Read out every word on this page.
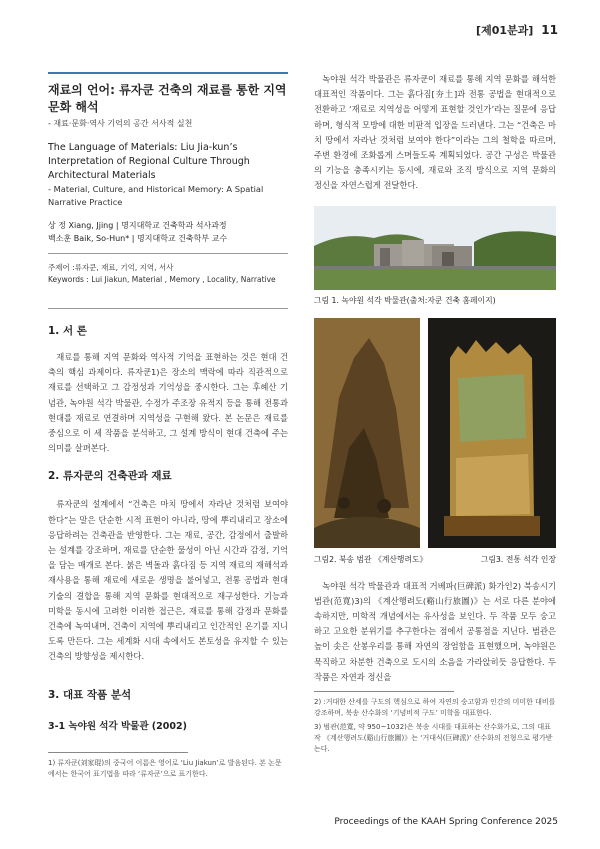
[제01분과] 11
재료의 언어: 류자쿤 건축의 재료를 통한 지역 문화 해석
- 재료·문화·역사 기억의 공간 서사적 실천
The Language of Materials: Liu Jia-kun’s Interpretation of Regional Culture Through Architectural Materials
- Material, Culture, and Historical Memory: A Spatial Narrative Practice
상 정 Xiang, Jjing | 명지대학교 건축학과 석사과정
백소훈 Baik, So-Hun* | 명지대학교 건축학부 교수
주제어 :류자쿤, 재료, 기억, 지역, 서사
Keywords : Lui Jiakun, Material , Memory , Locality, Narrative
1. 서 론

재료를 통해 지역 문화와 역사적 기억을 표현하는 것은 현대 건축의 핵심 과제이다. 류자쿤1)은 장소의 맥락에 따라 직관적으로 재료를 선택하고 그 감정성과 기억성을 중시한다. 그는 후혜산 기념관, 녹야원 석각 박물관, 수정가 주조장 유적지 등을 통해 전통과 현대를 재료로 연결하며 지역성을 구현해 왔다. 본 논문은 재료를 중심으로 이 세 작품을 분석하고, 그 설계 방식이 현대 건축에 주는 의미를 살펴본다.

2. 류자쿤의 건축관과 재료

류자쿤의 설계에서 “건축은 마치 땅에서 자라난 것처럼 보여야 한다”는 말은 단순한 시적 표현이 아니라, 땅에 뿌리내리고 장소에 응답하려는 건축관을 반영한다. 그는 재료, 공간, 감정에서 출발하는 설계를 강조하며, 재료를 단순한 물성이 아닌 시간과 감정, 기억을 담는 매개로 본다. 붉은 벽돌과 흙다짐 등 지역 재료의 재해석과 재사용을 통해 재료에 새로운 생명을 불어넣고, 전통 공법과 현대 기술의 결합을 통해 지역 문화를 현대적으로 재구성한다. 기능과 미학을 동시에 고려한 이러한 접근은, 재료를 통해 감정과 문화를 건축에 녹여내며, 건축이 지역에 뿌리내리고 인간적인 온기를 지니도록 만든다. 그는 세계화 시대 속에서도 본토성을 유지할 수 있는 건축의 방향성을 제시한다.

3. 대표 작품 분석
3-1 녹야원 석각 박물관 (2002)
1) 류자쿤(刘家琨)의 중국어 이름은 영어로 ‘Liu Jiakun’로 발음된다. 본 논문에서는 한국어 표기법을 따라 ‘류자쿤’으로 표기한다.

녹야원 석각 박물관은 류자쿤이 재료를 통해 지역 문화를 해석한 대표적인 작품이다. 그는 흙다짐[夯土]과 전통 공법을 현대적으로 전환하고 ‘재료로 지역성을 어떻게 표현할 것인가’라는 질문에 응답하며, 형식적 모방에 대한 비판적 입장을 드러낸다. 그는 “건축은 마치 땅에서 자라난 것처럼 보여야 한다”이라는 그의 철학을 따르며, 주변 환경에 조화롭게 스며들도록 계획되었다. 공간 구성은 박물관의 기능을 충족시키는 동시에, 재료와 조직 방식으로 지역 문화의 정신을 자연스럽게 전달한다.

그림 1. 녹야원 석각 박물관(출처:자쿤 건축 홈페이지)
그림2. 북송 범관 《계산행려도》	그림3. 전통 석각 인장

녹야원 석각 박물관과 대표적 거베파(巨碑派) 화가인2) 북송시기 범관(范寬)3)의 《계산행려도(谿山行旅圖)》는 서로 다른 분야에 속하지만, 미학적 개념에서는 유사성을 보인다. 두 작품 모두 숭고하고 고요한 분위기를 추구한다는 점에서 공통점을 지닌다. 범관은 높이 솟은 산봉우리를 통해 자연의 장엄함을 표현했으며, 녹야원은 묵직하고 차분한 건축으로 도시의 소음을 가라앉히듯 응답한다. 두 작품은 자연과 정신을

2) :거대한 산세를 구도의 핵심으로 하여 자연의 숭고함과 인간의 미미한 대비를 강조하며, 북송 산수화의 ‘기념비적 구도’ 미학을 대표한다.
3) 범관(范寬, 약 950~1032)은 북송 시대를 대표하는 산수화가로, 그의 대표작 《계산행려도(谿山行旅圖)》는 ‘거대식(巨碑派)’ 산수화의 전형으로 평가받는다.
Proceedings of the KAAH Spring Conference 2025
